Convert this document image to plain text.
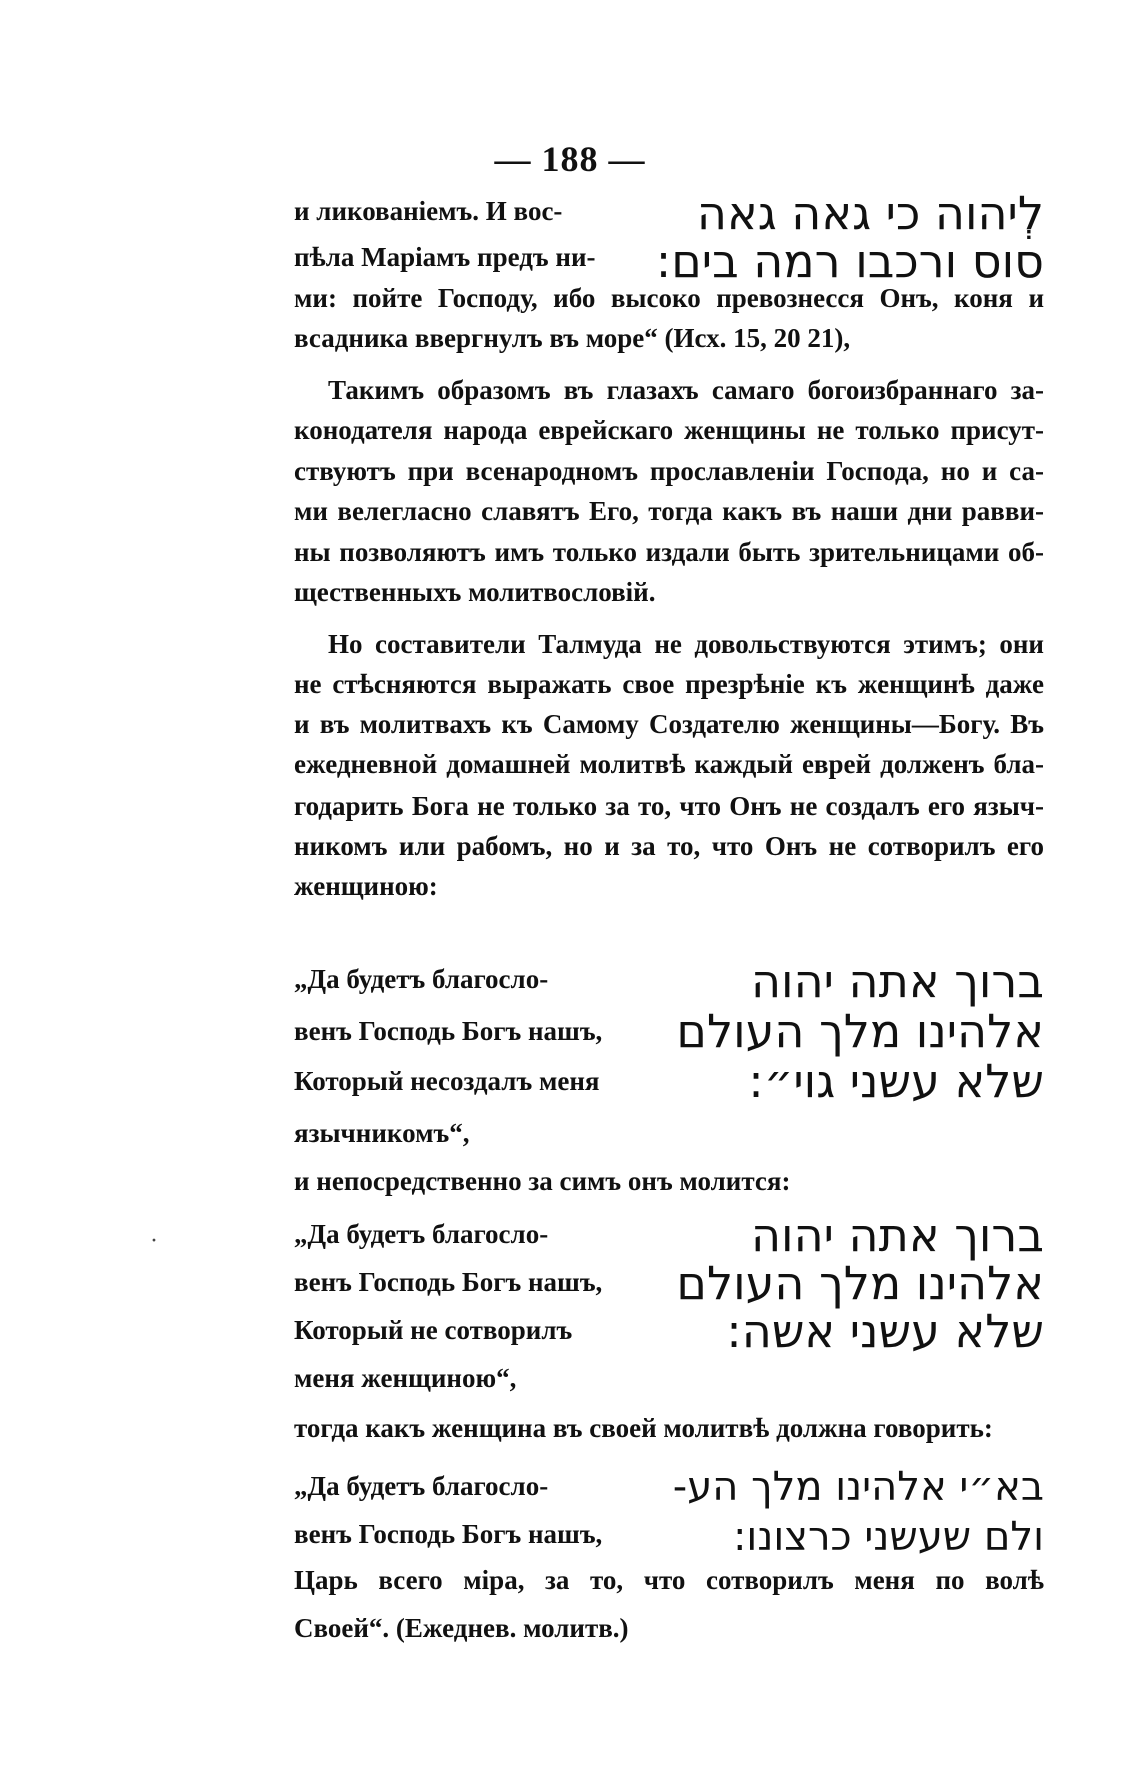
— 188 —
и ликованіемъ. И вос-
пѣла Маріамъ предъ ни-
לְיהוה כי גאה גאה
סוס ורכבו רמה בים:
ми: пойте Господу, ибо высоко превознесся Онъ, коня и
всадника ввергнулъ въ море“ (Исх. 15, 20 21),
Такимъ образомъ въ глазахъ самаго богоизбраннаго за-
конодателя народа еврейскаго женщины не только присут-
ствуютъ при всенародномъ прославленіи Господа, но и са-
ми велегласно славятъ Его, тогда какъ въ наши дни равви-
ны позволяютъ имъ только издали быть зрительницами об-
щественныхъ молитвословій.
Но составители Талмуда не довольствуются этимъ; они
не стѣсняются выражать свое презрѣніе къ женщинѣ даже
и въ молитвахъ къ Самому Создателю женщины—Богу. Въ
ежедневной домашней молитвѣ каждый еврей долженъ бла-
годарить Бога не только за то, что Онъ не создалъ его языч-
никомъ или рабомъ, но и за то, что Онъ не сотворилъ его
женщиною:
„Да будетъ благосло-
венъ Господь Богъ нашъ,
Который несоздалъ меня
язычникомъ“,
ברוך אתה יהוה
אלהינו מלך העולם
שלא עשני גוי״:
и непосредственно за симъ онъ молится:
„Да будетъ благосло-
венъ Господь Богъ нашъ,
Который не сотворилъ
меня женщиною“,
ברוך אתה יהוה
אלהינו מלך העולם
שלא עשני אשה:
тогда какъ женщина въ своей молитвѣ должна говорить:
„Да будетъ благосло-
венъ Господь Богъ нашъ,
בא״י אלהינו מלך הע-
ולם שעשני כרצונו:
Царь всего міра, за то, что сотворилъ меня по волѣ
Своей“. (Ежеднев. молитв.)
·
